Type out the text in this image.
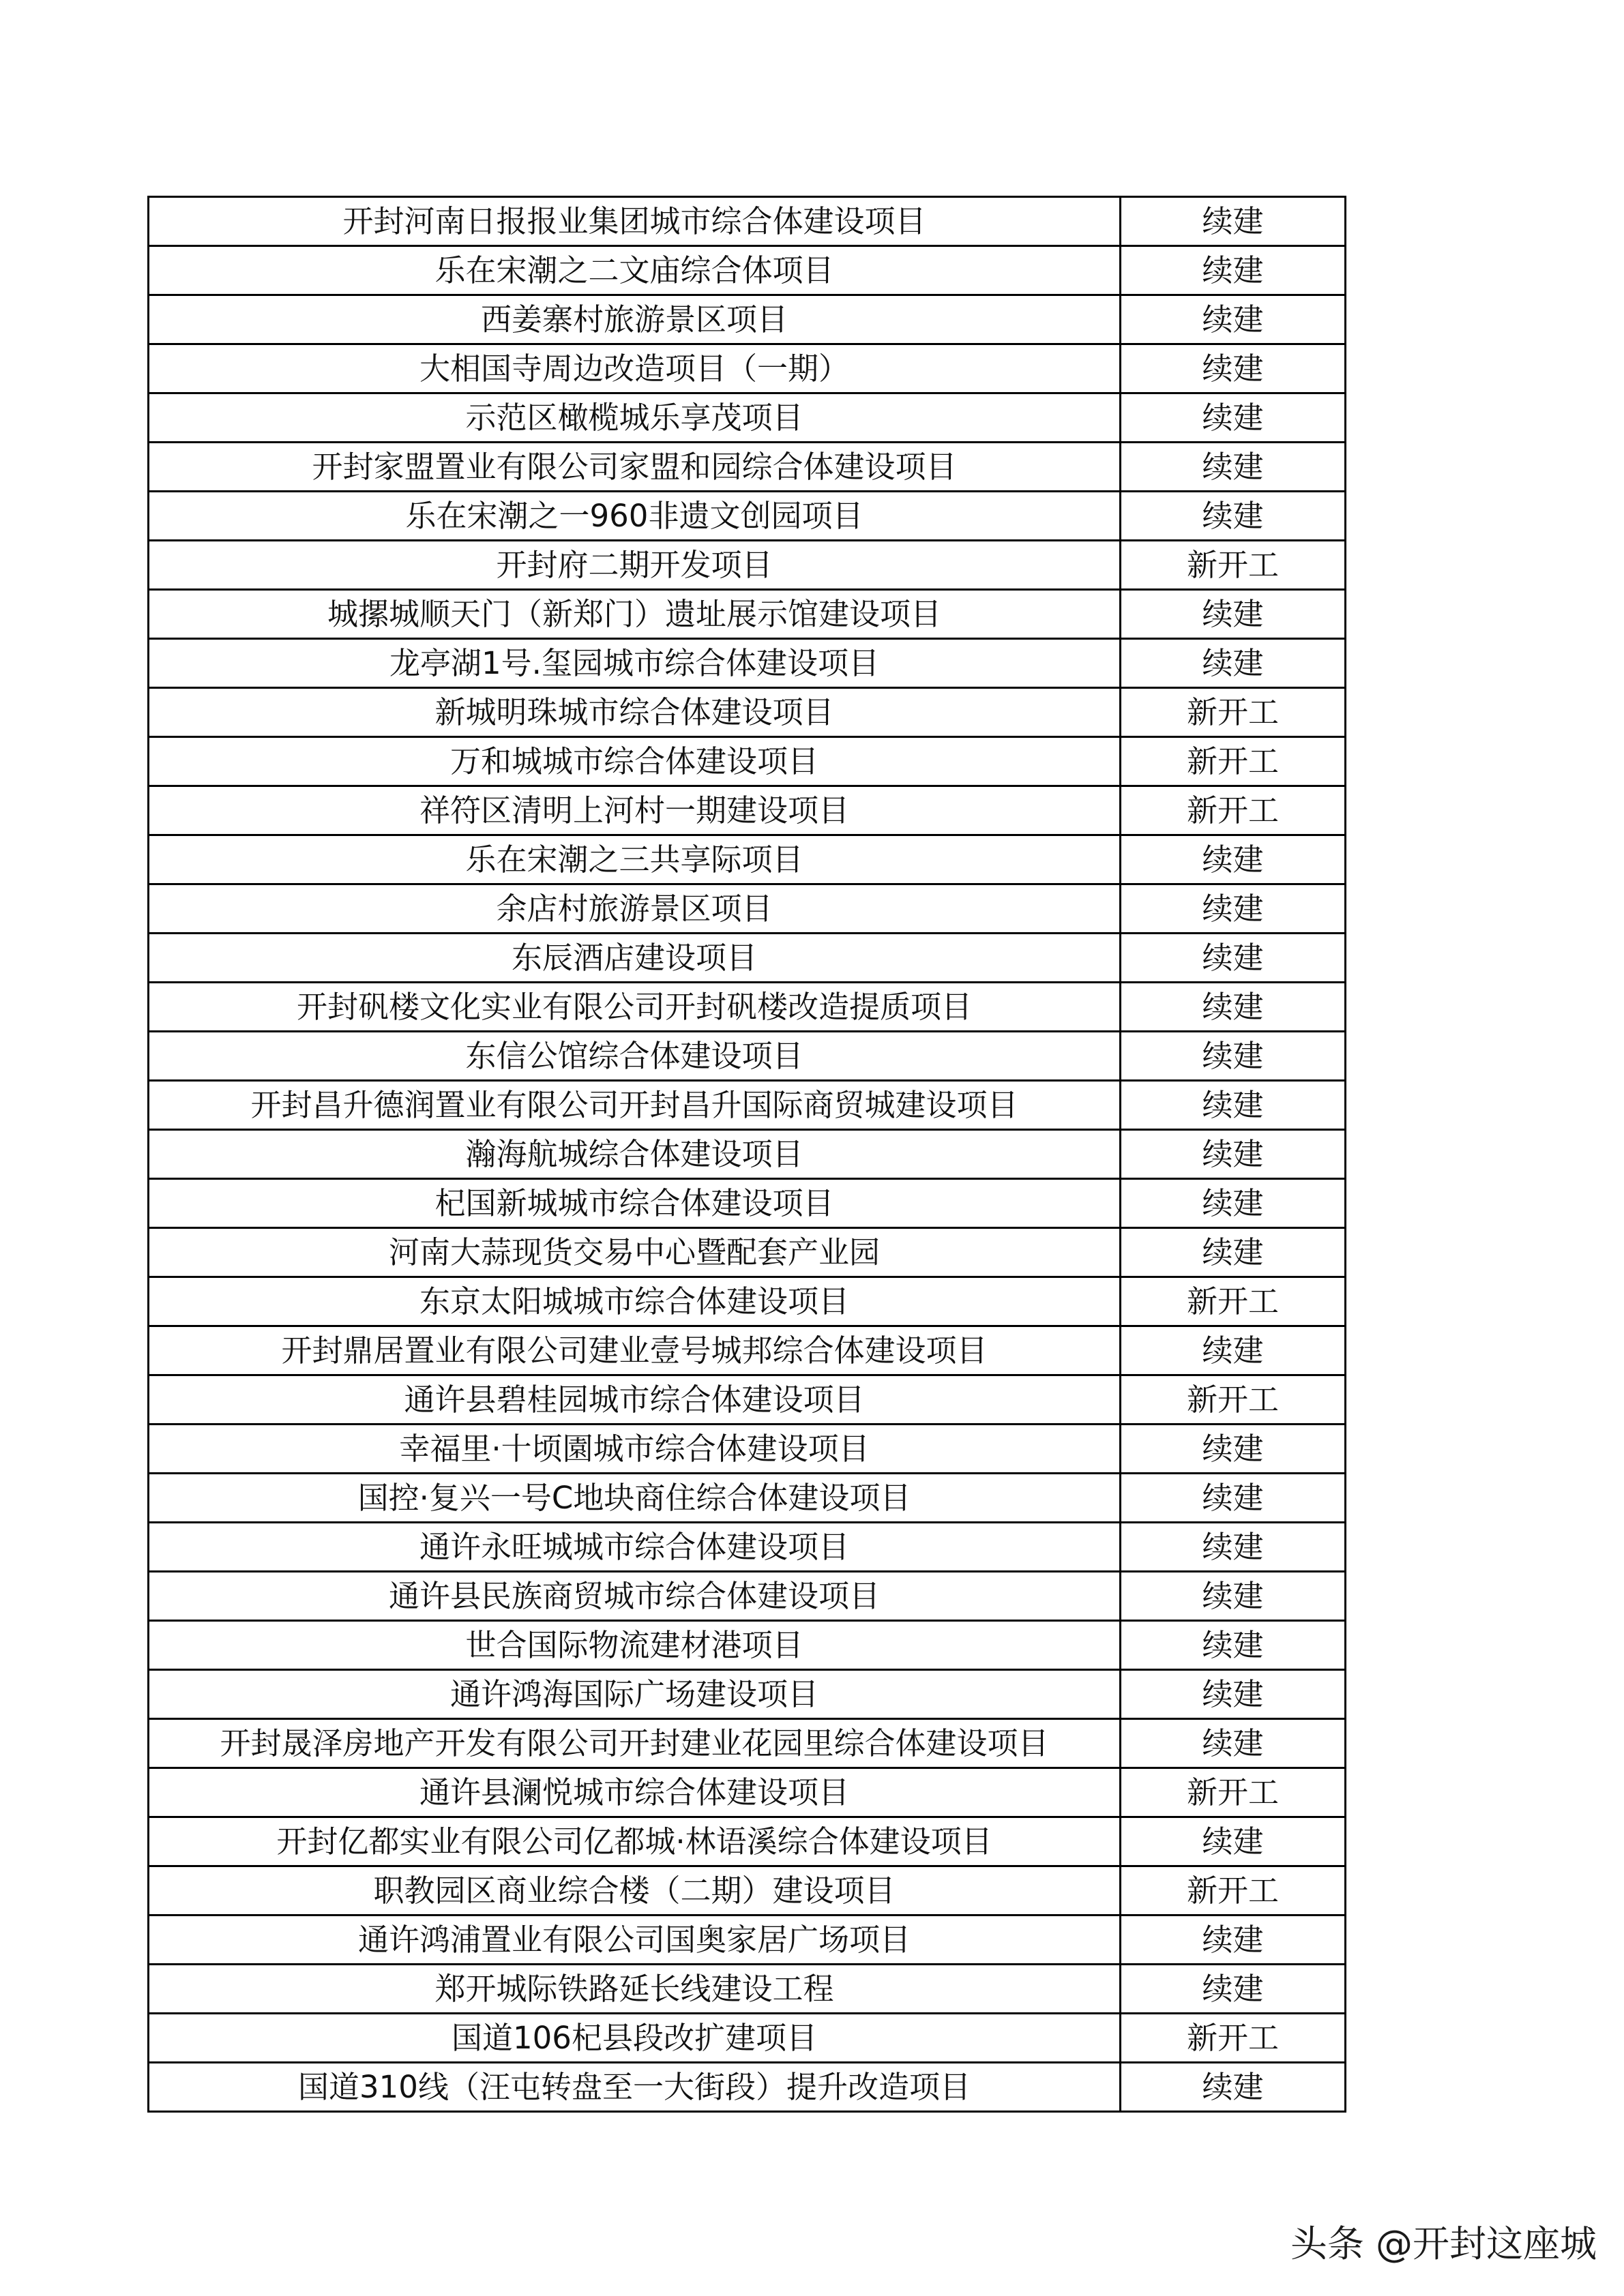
开封河南日报报业集团城市综合体建设项目	续建
乐在宋潮之二文庙综合体项目	续建
西姜寨村旅游景区项目	续建
大相国寺周边改造项目（一期）	续建
示范区橄榄城乐享茂项目	续建
开封家盟置业有限公司家盟和园综合体建设项目	续建
乐在宋潮之一960非遗文创园项目	续建
开封府二期开发项目	新开工
城摞城顺天门（新郑门）遗址展示馆建设项目	续建
龙亭湖1号.玺园城市综合体建设项目	续建
新城明珠城市综合体建设项目	新开工
万和城城市综合体建设项目	新开工
祥符区清明上河村一期建设项目	新开工
乐在宋潮之三共享际项目	续建
余店村旅游景区项目	续建
东辰酒店建设项目	续建
开封矾楼文化实业有限公司开封矾楼改造提质项目	续建
东信公馆综合体建设项目	续建
开封昌升德润置业有限公司开封昌升国际商贸城建设项目	续建
瀚海航城综合体建设项目	续建
杞国新城城市综合体建设项目	续建
河南大蒜现货交易中心暨配套产业园	续建
东京太阳城城市综合体建设项目	新开工
开封鼎居置业有限公司建业壹号城邦综合体建设项目	续建
通许县碧桂园城市综合体建设项目	新开工
幸福里·十顷園城市综合体建设项目	续建
国控·复兴一号C地块商住综合体建设项目	续建
通许永旺城城市综合体建设项目	续建
通许县民族商贸城市综合体建设项目	续建
世合国际物流建材港项目	续建
通许鸿海国际广场建设项目	续建
开封晟泽房地产开发有限公司开封建业花园里综合体建设项目	续建
通许县澜悦城市综合体建设项目	新开工
开封亿都实业有限公司亿都城·林语溪综合体建设项目	续建
职教园区商业综合楼（二期）建设项目	新开工
通许鸿浦置业有限公司国奥家居广场项目	续建
郑开城际铁路延长线建设工程	续建
国道106杞县段改扩建项目	新开工
国道310线（汪屯转盘至一大街段）提升改造项目	续建
头条 @开封这座城
